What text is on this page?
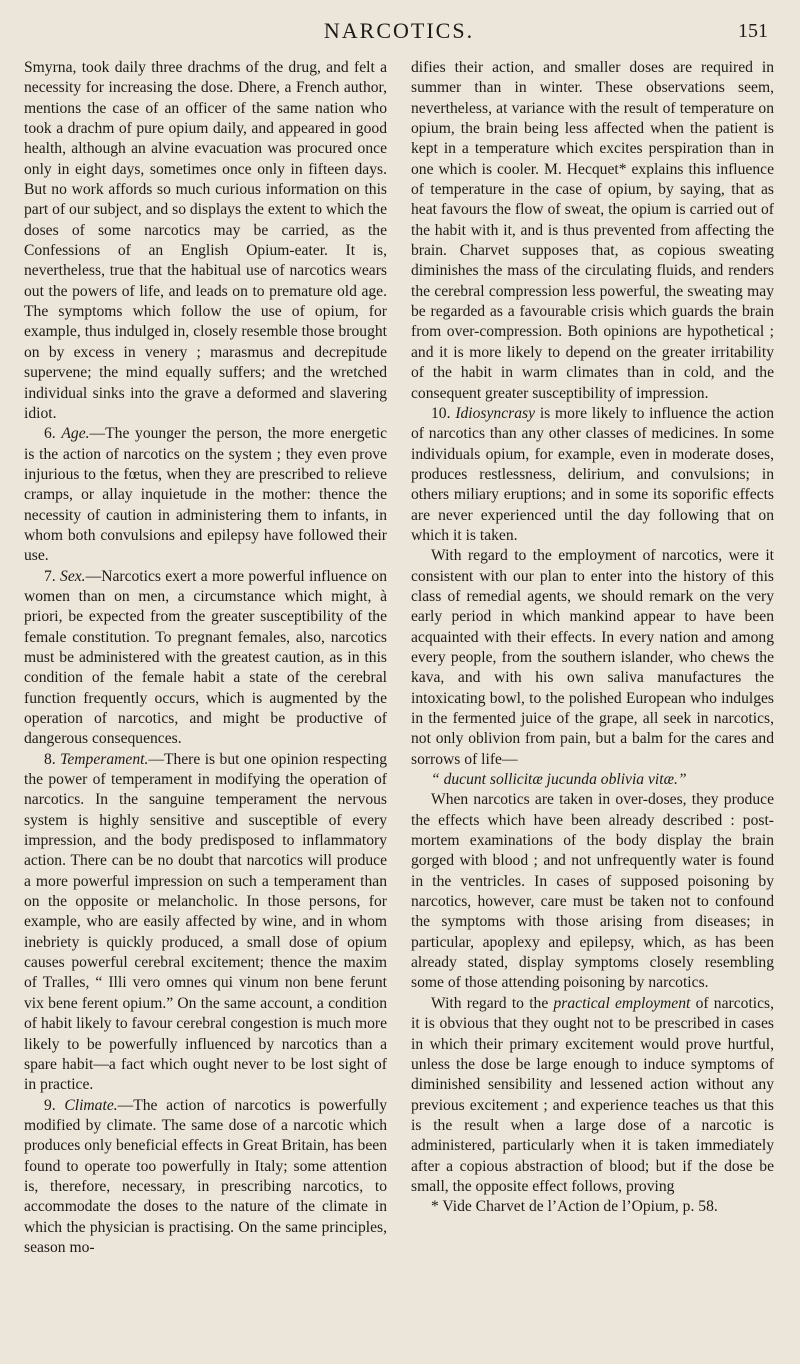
NARCOTICS.	151

Smyrna, took daily three drachms of the drug, and felt a necessity for increasing the dose. Dhere, a French author, mentions the case of an officer of the same nation who took a drachm of pure opium daily, and appeared in good health, although an alvine evacuation was procured once only in eight days, sometimes once only in fifteen days. But no work affords so much curious information on this part of our subject, and so displays the extent to which the doses of some narcotics may be carried, as the Confessions of an English Opium-eater. It is, nevertheless, true that the habitual use of narcotics wears out the powers of life, and leads on to premature old age. The symptoms which follow the use of opium, for example, thus indulged in, closely resemble those brought on by excess in venery ; marasmus and decrepitude supervene; the mind equally suffers; and the wretched individual sinks into the grave a deformed and slavering idiot.

6. Age.—The younger the person, the more energetic is the action of narcotics on the system ; they even prove injurious to the fœtus, when they are prescribed to relieve cramps, or allay inquietude in the mother: thence the necessity of caution in administering them to infants, in whom both convulsions and epilepsy have followed their use.

7. Sex.—Narcotics exert a more powerful influence on women than on men, a circumstance which might, à priori, be expected from the greater susceptibility of the female constitution. To pregnant females, also, narcotics must be administered with the greatest caution, as in this condition of the female habit a state of the cerebral function frequently occurs, which is augmented by the operation of narcotics, and might be productive of dangerous consequences.

8. Temperament.—There is but one opinion respecting the power of temperament in modifying the operation of narcotics. In the sanguine temperament the nervous system is highly sensitive and susceptible of every impression, and the body predisposed to inflammatory action. There can be no doubt that narcotics will produce a more powerful impression on such a temperament than on the opposite or melancholic. In those persons, for example, who are easily affected by wine, and in whom inebriety is quickly produced, a small dose of opium causes powerful cerebral excitement; thence the maxim of Tralles, “ Illi vero omnes qui vinum non bene ferunt vix bene ferent opium.” On the same account, a condition of habit likely to favour cerebral congestion is much more likely to be powerfully influenced by narcotics than a spare habit—a fact which ought never to be lost sight of in practice.

9. Climate.—The action of narcotics is powerfully modified by climate. The same dose of a narcotic which produces only beneficial effects in Great Britain, has been found to operate too powerfully in Italy; some attention is, therefore, necessary, in prescribing narcotics, to accommodate the doses to the nature of the climate in which the physician is practising. On the same principles, season mo-

difies their action, and smaller doses are required in summer than in winter. These observations seem, nevertheless, at variance with the result of temperature on opium, the brain being less affected when the patient is kept in a temperature which excites perspiration than in one which is cooler. M. Hecquet* explains this influence of temperature in the case of opium, by saying, that as heat favours the flow of sweat, the opium is carried out of the habit with it, and is thus prevented from affecting the brain. Charvet supposes that, as copious sweating diminishes the mass of the circulating fluids, and renders the cerebral compression less powerful, the sweating may be regarded as a favourable crisis which guards the brain from over-compression. Both opinions are hypothetical ; and it is more likely to depend on the greater irritability of the habit in warm climates than in cold, and the consequent greater susceptibility of impression.

10. Idiosyncrasy is more likely to influence the action of narcotics than any other classes of medicines. In some individuals opium, for example, even in moderate doses, produces restlessness, delirium, and convulsions; in others miliary eruptions; and in some its soporific effects are never experienced until the day following that on which it is taken.

With regard to the employment of narcotics, were it consistent with our plan to enter into the history of this class of remedial agents, we should remark on the very early period in which mankind appear to have been acquainted with their effects. In every nation and among every people, from the southern islander, who chews the kava, and with his own saliva manufactures the intoxicating bowl, to the polished European who indulges in the fermented juice of the grape, all seek in narcotics, not only oblivion from pain, but a balm for the cares and sorrows of life—

“ ducunt sollicitæ jucunda oblivia vitæ.”

When narcotics are taken in over-doses, they produce the effects which have been already described : post-mortem examinations of the body display the brain gorged with blood ; and not unfrequently water is found in the ventricles. In cases of supposed poisoning by narcotics, however, care must be taken not to confound the symptoms with those arising from diseases; in particular, apoplexy and epilepsy, which, as has been already stated, display symptoms closely resembling some of those attending poisoning by narcotics.

With regard to the practical employment of narcotics, it is obvious that they ought not to be prescribed in cases in which their primary excitement would prove hurtful, unless the dose be large enough to induce symptoms of diminished sensibility and lessened action without any previous excitement ; and experience teaches us that this is the result when a large dose of a narcotic is administered, particularly when it is taken immediately after a copious abstraction of blood; but if the dose be small, the opposite effect follows, proving

* Vide Charvet de l’Action de l’Opium, p. 58.
